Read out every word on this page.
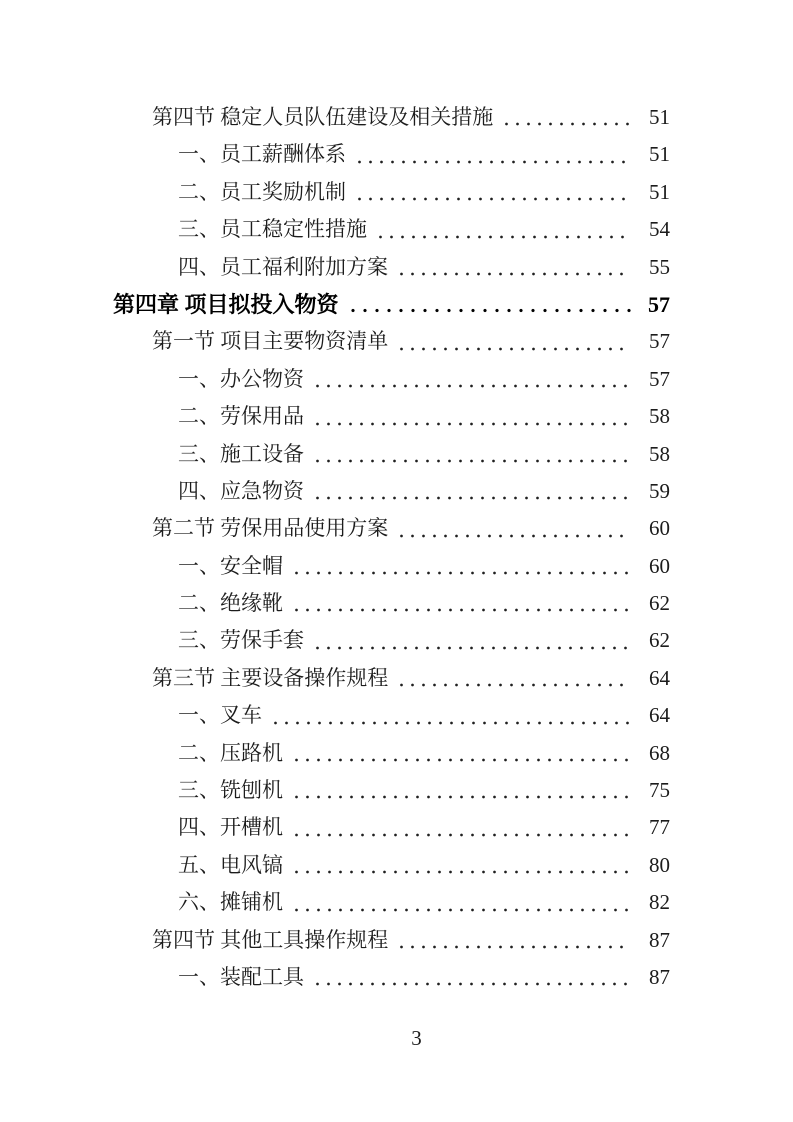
第四节 稳定人员队伍建设及相关措施	51
一、员工薪酬体系	51
二、员工奖励机制	51
三、员工稳定性措施	54
四、员工福利附加方案	55
第四章 项目拟投入物资	57
第一节 项目主要物资清单	57
一、办公物资	57
二、劳保用品	58
三、施工设备	58
四、应急物资	59
第二节 劳保用品使用方案	60
一、安全帽	60
二、绝缘靴	62
三、劳保手套	62
第三节 主要设备操作规程	64
一、叉车	64
二、压路机	68
三、铣刨机	75
四、开槽机	77
五、电风镐	80
六、摊铺机	82
第四节 其他工具操作规程	87
一、装配工具	87
3
